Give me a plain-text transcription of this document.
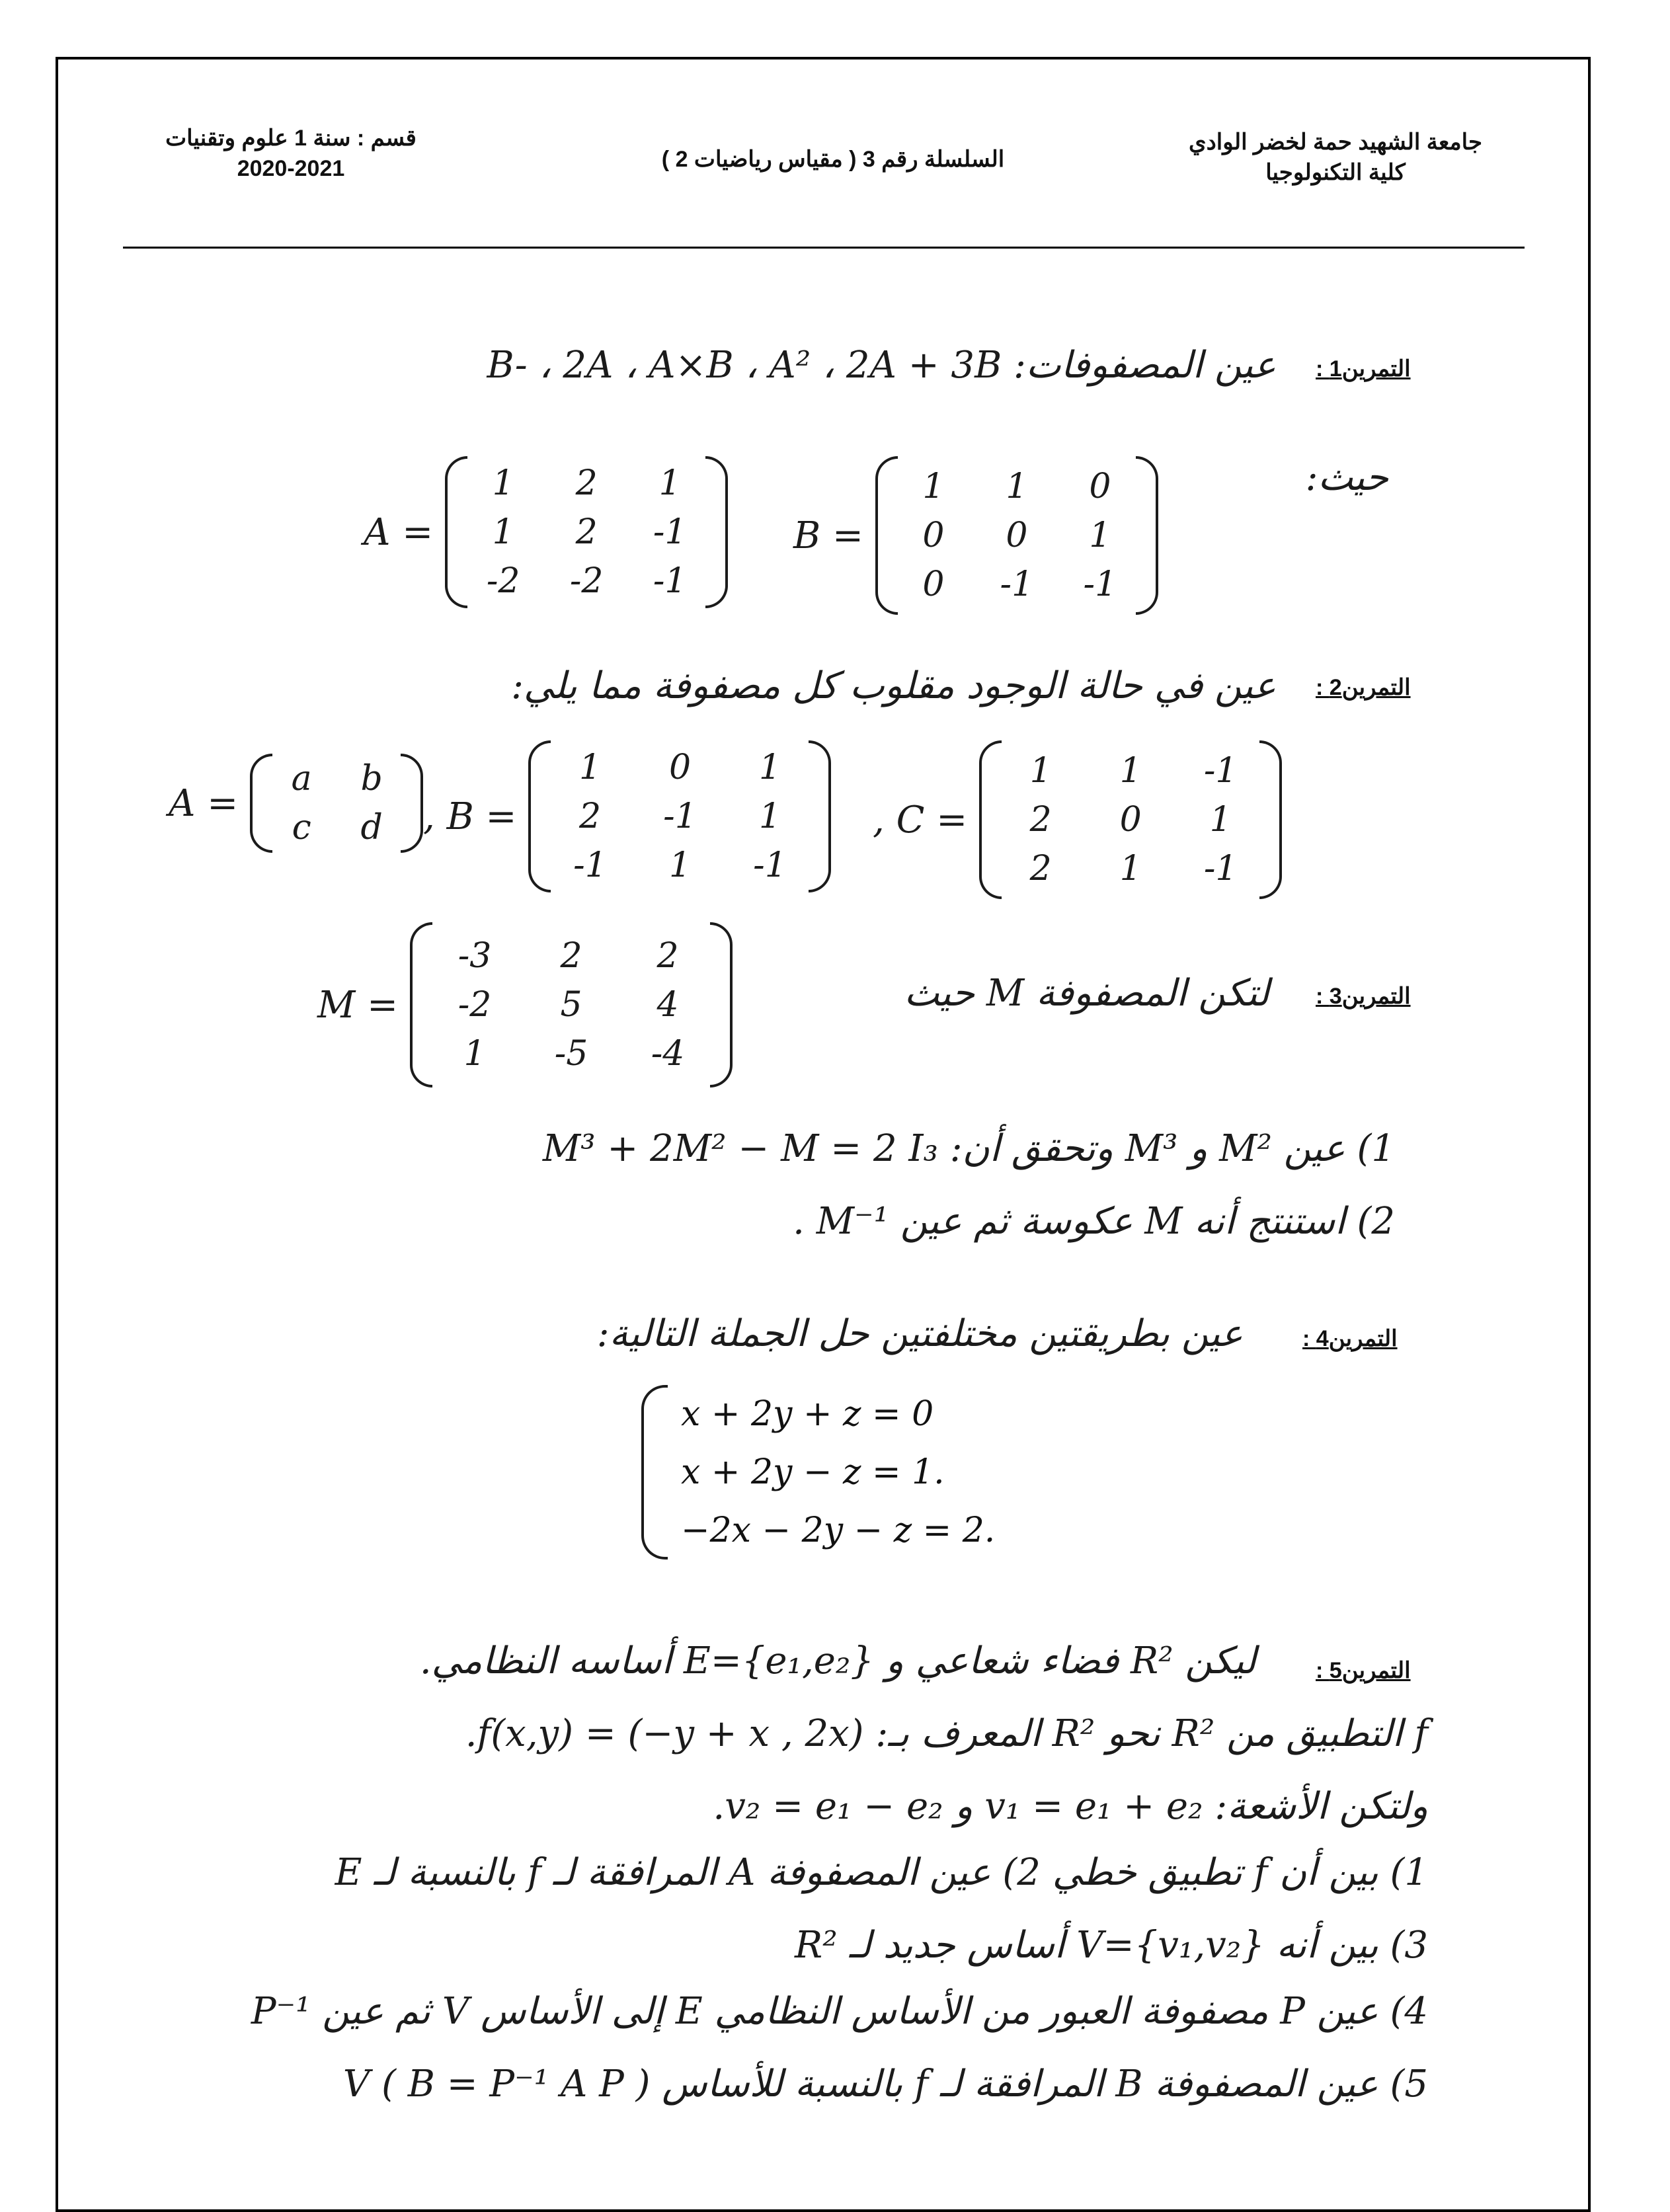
جامعة الشهيد حمة لخضر الوادي
كلية التكنولوجيا
السلسلة رقم 3 ( مقياس رياضيات 2 )
قسم : سنة 1 علوم وتقنيات
2020-2021
التمرين1 :
عين المصفوفات: B- ، 2A ، A×B ، A² ، 2A + 3B
حيث:
A =
1	2	1
1	2	-1
-2 -2 -1
B =
1	1	0
0	0	1
0	-1 -1
التمرين2 :
عين في حالة الوجود مقلوب كل مصفوفة مما يلي:
A =
a b
c d , B =
1	0	1
2	-1	1
-1	1	-1
, C =
1	1	-1
2	0	1
2	1	-1
التمرين3 :
لتكن المصفوفة M حيث
M =
-3	2	2
-2	5	4
1	-5	-4
1) عين M² و M³ وتحقق أن: M³ + 2M² − M = 2 I₃
2) استنتج أنه M عكوسة ثم عين M⁻¹ .
التمرين4 :
عين بطريقتين مختلفتين حل الجملة التالية:
x + 2y + z = 0
x + 2y − z = 1.
−2x − 2y − z = 2.
التمرين5 :
ليكن R² فضاء شعاعي و E={e₁,e₂} أساسه النظامي.
f التطبيق من R² نحو R² المعرف بـ: f(x,y) = (−y + x , 2x).
ولتكن الأشعة: v₁ = e₁ + e₂ و v₂ = e₁ − e₂.
1) بين أن f تطبيق خطي 2) عين المصفوفة A المرافقة لـ f بالنسبة لـ E
3) بين أنه V={v₁,v₂} أساس جديد لـ R²
4) عين P مصفوفة العبور من الأساس النظامي E إلى الأساس V ثم عين P⁻¹
5) عين المصفوفة B المرافقة لـ f بالنسبة للأساس V ( B = P⁻¹ A P )
